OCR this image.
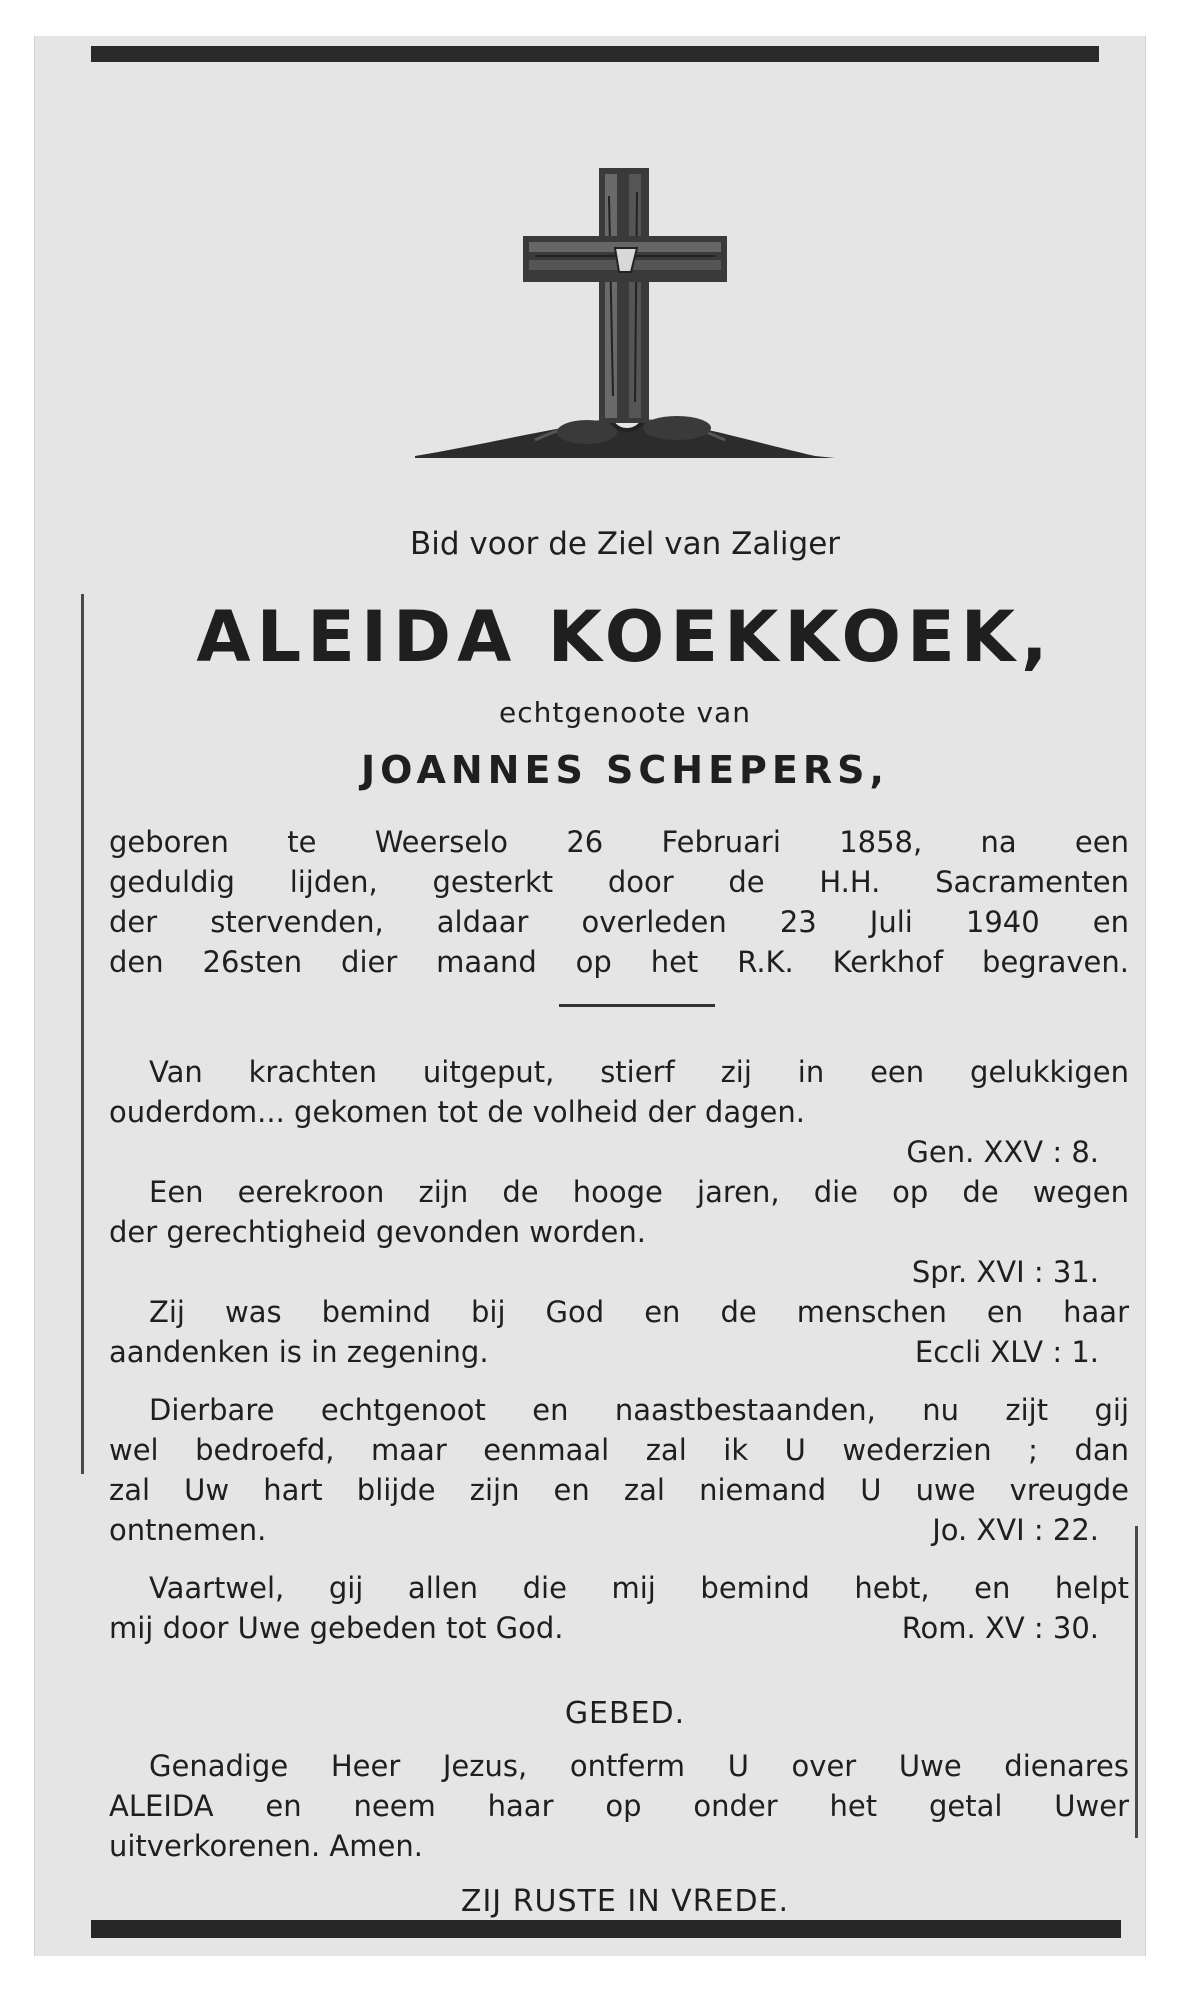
Bid voor de Ziel van Zaliger
ALEIDA KOEKKOEK,
echtgenoote van
JOANNES SCHEPERS,
geboren te Weerselo 26 Februari 1858, na een
geduldig lijden, gesterkt door de H.H. Sacramenten
der stervenden, aldaar overleden 23 Juli 1940 en
den 26sten dier maand op het R.K. Kerkhof begraven.
Van krachten uitgeput, stierf zij in een gelukkigen
ouderdom... gekomen tot de volheid der dagen.
Gen. XXV : 8.
Een eerekroon zijn de hooge jaren, die op de wegen
der gerechtigheid gevonden worden.
Spr. XVI : 31.
Zij was bemind bij God en de menschen en haar
aandenken is in zegening.	Eccli XLV : 1.
Dierbare echtgenoot en naastbestaanden, nu zijt gij
wel bedroefd, maar eenmaal zal ik U wederzien ; dan
zal Uw hart blijde zijn en zal niemand U uwe vreugde
ontnemen.	Jo. XVI : 22.
Vaartwel, gij allen die mij bemind hebt, en helpt
mij door Uwe gebeden tot God.	Rom. XV : 30.
GEBED.
Genadige Heer Jezus, ontferm U over Uwe dienares
ALEIDA en neem haar op onder het getal Uwer
uitverkorenen. Amen.
ZIJ RUSTE IN VREDE.
